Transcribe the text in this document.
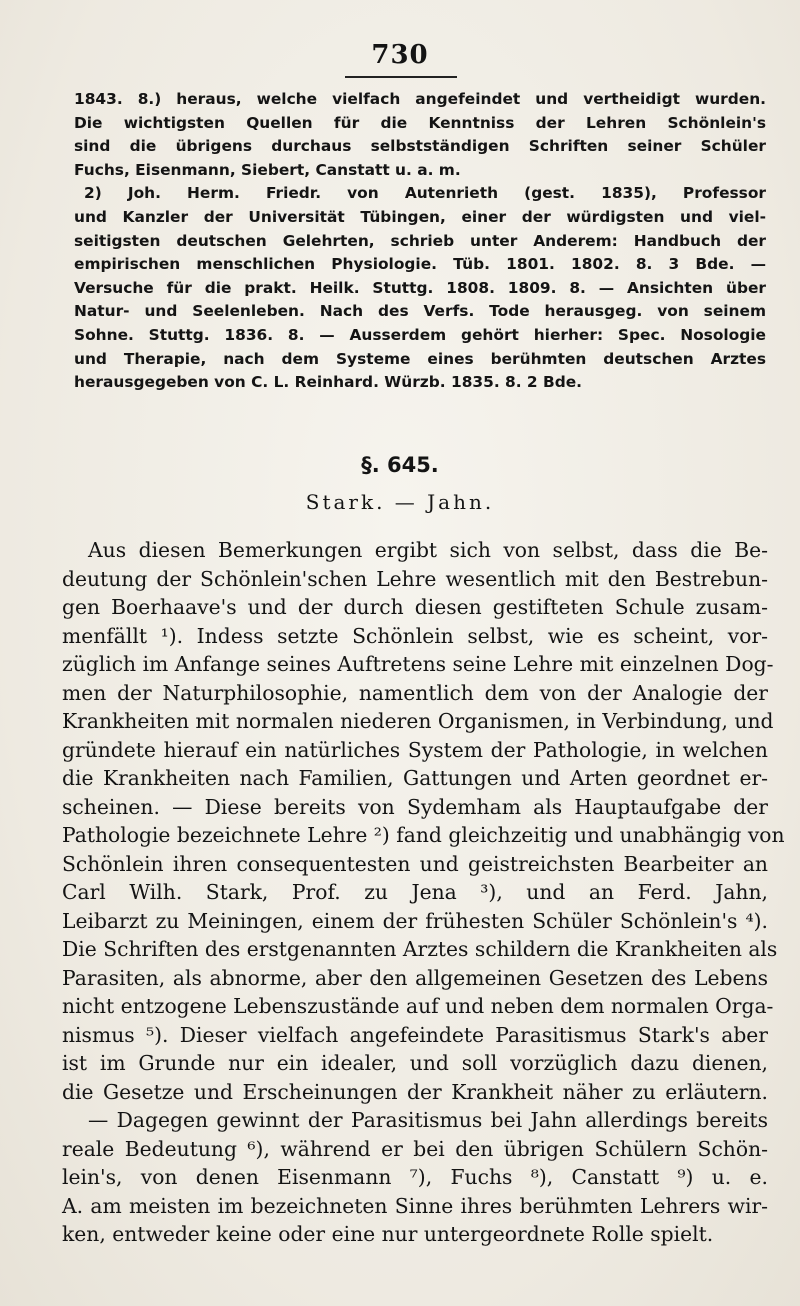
730
1843. 8.) heraus, welche vielfach angefeindet und vertheidigt wurden.
Die wichtigsten Quellen für die Kenntniss der Lehren Schönlein's
sind die übrigens durchaus selbstständigen Schriften seiner Schüler
Fuchs, Eisenmann, Siebert, Canstatt u. a. m.
2) Joh. Herm. Friedr. von Autenrieth (gest. 1835), Professor
und Kanzler der Universität Tübingen, einer der würdigsten und viel-
seitigsten deutschen Gelehrten, schrieb unter Anderem: Handbuch der
empirischen menschlichen Physiologie. Tüb. 1801. 1802. 8. 3 Bde. —
Versuche für die prakt. Heilk. Stuttg. 1808. 1809. 8. — Ansichten über
Natur- und Seelenleben. Nach des Verfs. Tode herausgeg. von seinem
Sohne. Stuttg. 1836. 8. — Ausserdem gehört hierher: Spec. Nosologie
und Therapie, nach dem Systeme eines berühmten deutschen Arztes
herausgegeben von C. L. Reinhard. Würzb. 1835. 8. 2 Bde.
§. 645.
Stark. — Jahn.
Aus diesen Bemerkungen ergibt sich von selbst, dass die Be-
deutung der Schönlein'schen Lehre wesentlich mit den Bestrebun-
gen Boerhaave's und der durch diesen gestifteten Schule zusam-
menfällt ¹). Indess setzte Schönlein selbst, wie es scheint, vor-
züglich im Anfange seines Auftretens seine Lehre mit einzelnen Dog-
men der Naturphilosophie, namentlich dem von der Analogie der
Krankheiten mit normalen niederen Organismen, in Verbindung, und
gründete hierauf ein natürliches System der Pathologie, in welchen
die Krankheiten nach Familien, Gattungen und Arten geordnet er-
scheinen. — Diese bereits von Sydemham als Hauptaufgabe der
Pathologie bezeichnete Lehre ²) fand gleichzeitig und unabhängig von
Schönlein ihren consequentesten und geistreichsten Bearbeiter an
Carl Wilh. Stark, Prof. zu Jena ³), und an Ferd. Jahn,
Leibarzt zu Meiningen, einem der frühesten Schüler Schönlein's ⁴).
Die Schriften des erstgenannten Arztes schildern die Krankheiten als
Parasiten, als abnorme, aber den allgemeinen Gesetzen des Lebens
nicht entzogene Lebenszustände auf und neben dem normalen Orga-
nismus ⁵). Dieser vielfach angefeindete Parasitismus Stark's aber
ist im Grunde nur ein idealer, und soll vorzüglich dazu dienen,
die Gesetze und Erscheinungen der Krankheit näher zu erläutern.
— Dagegen gewinnt der Parasitismus bei Jahn allerdings bereits
reale Bedeutung ⁶), während er bei den übrigen Schülern Schön-
lein's, von denen Eisenmann ⁷), Fuchs ⁸), Canstatt ⁹) u. e.
A. am meisten im bezeichneten Sinne ihres berühmten Lehrers wir-
ken, entweder keine oder eine nur untergeordnete Rolle spielt.
